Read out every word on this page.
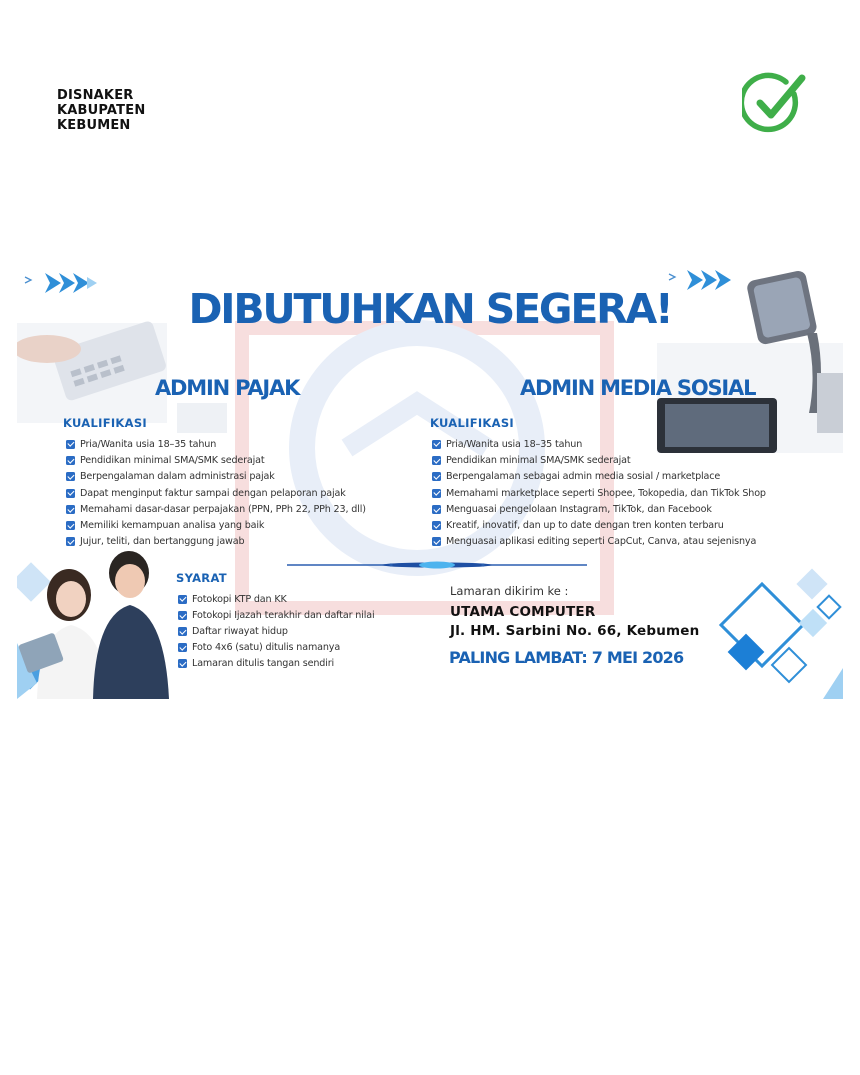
DISNAKER
KABUPATEN
KEBUMEN
DIBUTUHKAN SEGERA!
ADMIN PAJAK	ADMIN MEDIA SOSIAL
KUALIFIKASI
Pria/Wanita usia 18–35 tahun
Pendidikan minimal SMA/SMK sederajat
Berpengalaman dalam administrasi pajak
Dapat menginput faktur sampai dengan pelaporan pajak
Memahami dasar-dasar perpajakan (PPN, PPh 22, PPh 23, dll)
Memiliki kemampuan analisa yang baik
Jujur, teliti, dan bertanggung jawab
KUALIFIKASI
Pria/Wanita usia 18–35 tahun
Pendidikan minimal SMA/SMK sederajat
Berpengalaman sebagai admin media sosial / marketplace
Memahami marketplace seperti Shopee, Tokopedia, dan TikTok Shop
Menguasai pengelolaan Instagram, TikTok, dan Facebook
Kreatif, inovatif, dan up to date dengan tren konten terbaru
Menguasai aplikasi editing seperti CapCut, Canva, atau sejenisnya
SYARAT
Fotokopi KTP dan KK
Fotokopi Ijazah terakhir dan daftar nilai
Daftar riwayat hidup
Foto 4x6 (satu) ditulis namanya
Lamaran ditulis tangan sendiri
Lamaran dikirim ke :
UTAMA COMPUTER
Jl. HM. Sarbini No. 66, Kebumen
PALING LAMBAT: 7 MEI 2026
